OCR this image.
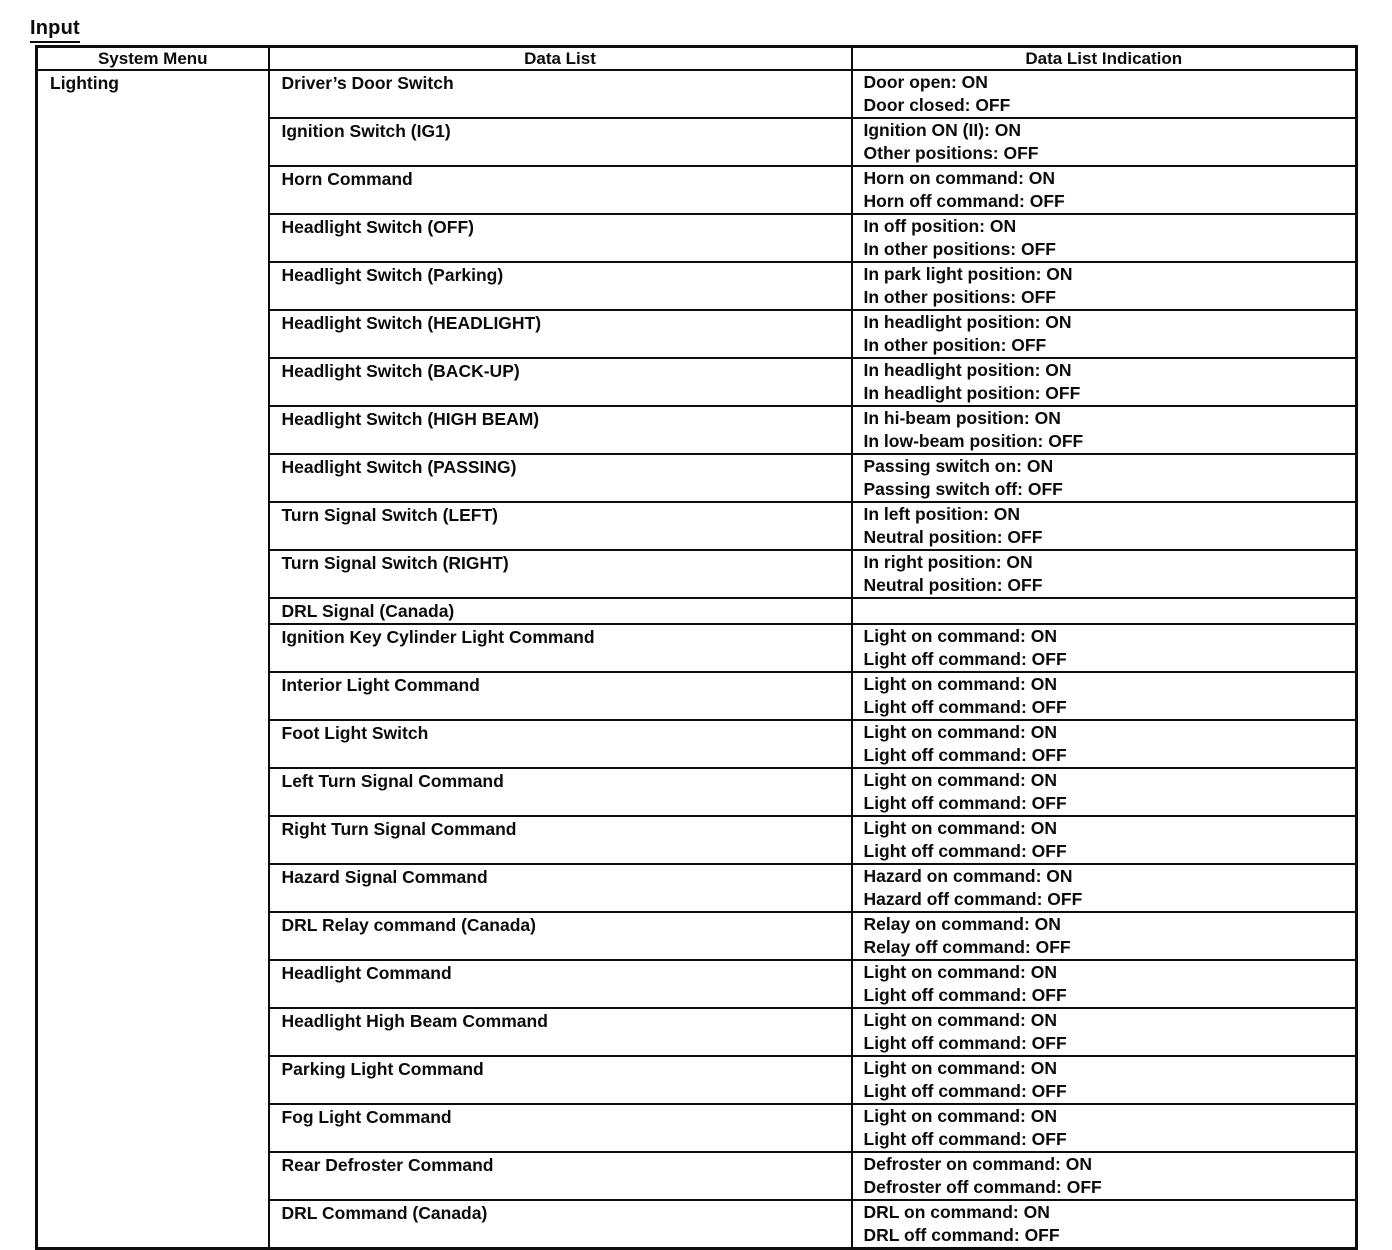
Input
System Menu	Data List	Data List Indication
Lighting	Driver’s Door Switch	Door open: ON
Door closed: OFF

	Ignition Switch (IG1)	Ignition ON (II): ON
Other positions: OFF

	Horn Command	Horn on command: ON
Horn off command: OFF

	Headlight Switch (OFF)	In off position: ON
In other positions: OFF

	Headlight Switch (Parking)	In park light position: ON
In other positions: OFF

	Headlight Switch (HEADLIGHT)	In headlight position: ON
In other position: OFF

	Headlight Switch (BACK-UP)	In headlight position: ON
In headlight position: OFF

	Headlight Switch (HIGH BEAM)	In hi-beam position: ON
In low-beam position: OFF

	Headlight Switch (PASSING)	Passing switch on: ON
Passing switch off: OFF

	Turn Signal Switch (LEFT)	In left position: ON
Neutral position: OFF

	Turn Signal Switch (RIGHT)	In right position: ON
Neutral position: OFF

	DRL Signal (Canada)	
	Ignition Key Cylinder Light Command	Light on command: ON
Light off command: OFF

	Interior Light Command	Light on command: ON
Light off command: OFF

	Foot Light Switch	Light on command: ON
Light off command: OFF

	Left Turn Signal Command	Light on command: ON
Light off command: OFF

	Right Turn Signal Command	Light on command: ON
Light off command: OFF

	Hazard Signal Command	Hazard on command: ON
Hazard off command: OFF

	DRL Relay command (Canada)	Relay on command: ON
Relay off command: OFF

	Headlight Command	Light on command: ON
Light off command: OFF

	Headlight High Beam Command	Light on command: ON
Light off command: OFF

	Parking Light Command	Light on command: ON
Light off command: OFF

	Fog Light Command	Light on command: ON
Light off command: OFF

	Rear Defroster Command	Defroster on command: ON
Defroster off command: OFF

	DRL Command (Canada)	DRL on command: ON
DRL off command: OFF
